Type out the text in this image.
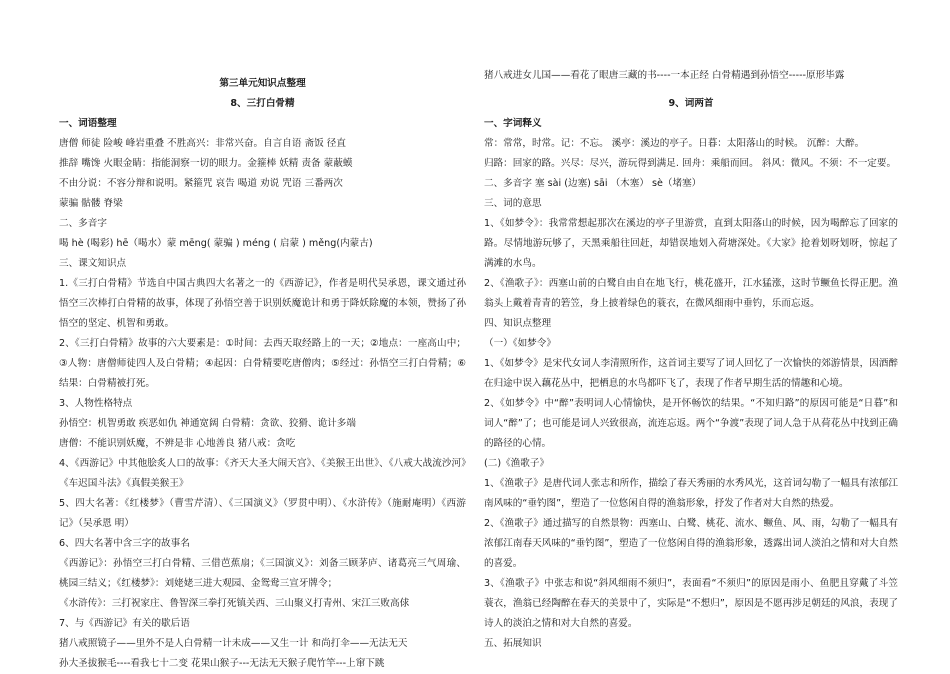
第三单元知识点整理
8、三打白骨精
一、词语整理
唐僧 师徒 险峻 峰岩重叠 不胜高兴：非常兴奋。自言自语 斋饭 径直
推辞 嘴馋 火眼金睛：指能洞察一切的眼力。金箍棒 妖精 责备 蒙蔽蟆
不由分说：不容分辩和说明。紧箍咒 哀告 喝道 劝说 咒语 三番两次
蒙骗 骷髅 脊梁
二、多音字
喝 hè (喝彩) hē（喝水）蒙 mēng( 蒙骗 ) méng ( 启蒙 ) měng(内蒙古)
三、课文知识点
1.《三打白骨精》节选自中国古典四大名著之一的《西游记》，作者是明代吴承恩，课文通过孙悟空三次棒打白骨精的故事，体现了孙悟空善于识别妖魔诡计和勇于降妖除魔的本领，赞扬了孙悟空的坚定、机智和勇敢。
2、《三打白骨精》故事的六大要素是：①时间：去西天取经路上的一天；②地点：一座高山中；③人物：唐僧师徒四人及白骨精；④起因：白骨精要吃唐僧肉；⑤经过：孙悟空三打白骨精；⑥结果：白骨精被打死。
3、人物性格特点
孙悟空：机智勇敢 疾恶如仇 神通宽阔 白骨精：贪欲、狡猾、诡计多端
唐僧：不能识别妖魔，不辨是非 心地善良 猪八戒：贪吃
4、《西游记》中其他脍炙人口的故事：《齐天大圣大闹天宫》、《美猴王出世》、《八戒大战流沙河》《车迟国斗法》《真假美猴王》
5、四大名著：《红楼梦》（曹雪芹清）、《三国演义》（罗贯中明）、《水浒传》（施耐庵明）《西游记》（吴承恩 明）
6、四大名著中含三字的故事名
《西游记》：孙悟空三打白骨精、三借芭蕉扇；《三国演义》：刘备三顾茅庐、诸葛亮三气周瑜、桃园三结义；《红楼梦》：刘姥姥三进大观园、金鸳鸯三宣牙牌令；
《水浒传》：三打祝家庄、鲁智深三拳打死镇关西、三山聚义打青州、宋江三败高俅
7、与《西游记》有关的歇后语
猪八戒照镜子——里外不是人白骨精一计未成——又生一计 和尚打伞——无法无天
孙大圣拔猴毛----看我七十二变 花果山猴子---无法无天猴子爬竹竿---上窜下跳
猪八戒进女儿国——看花了眼唐三藏的书----一本正经 白骨精遇到孙悟空-----原形毕露
9、词两首
一、字词释义
常：常常，时常。记：不忘。 溪亭：溪边的亭子。日暮：太阳落山的时候。 沉醉：大醉。
归路：回家的路。兴尽：尽兴，游玩得到满足. 回舟：乘船而回。 斜风：微风。不须：不一定要。
二、多音字 塞 sài (边塞) sāi （木塞） sè（堵塞）
三、词的意思
1、《如梦令》：我常常想起那次在溪边的亭子里游赏，直到太阳落山的时候，因为喝醉忘了回家的路。尽情地游玩够了，天黑乘船往回赶，却错误地划入荷塘深处。《大家》抢着划呀划呀，惊起了满滩的水鸟。
2、《渔歌子》：西塞山前的白鹭自由自在地飞行，桃花盛开，江水猛涨，这时节鳜鱼长得正肥。渔翁头上戴着青青的箬笠，身上披着绿色的蓑衣，在微风细雨中垂钓，乐而忘返。
四、知识点整理
（一）《如梦令》
1、《如梦令》是宋代女词人李清照所作，这首词主要写了词人回忆了一次愉快的郊游情景，因酒醉在归途中误入藕花丛中，把栖息的水鸟都吓飞了，表现了作者早期生活的情趣和心境。
2、《如梦令》中“醉”表明词人心情愉快，是开怀畅饮的结果。“不知归路”的原因可能是“日暮”和词人“醉”了；也可能是词人兴致很高，流连忘返。两个“争渡”表现了词人急于从荷花丛中找到正确的路径的心情。
(二)《渔歌子》
1、《渔歌子》是唐代词人张志和所作，描绘了春天秀丽的水秀风光，这首词勾勒了一幅具有浓郁江南风味的“垂钓图”，塑造了一位悠闲自得的渔翁形象，抒发了作者对大自然的热爱。
2、《渔歌子》通过描写的自然景物：西塞山、白鹭、桃花、流水、鳜鱼、风、雨，勾勒了一幅具有浓郁江南春天风味的“垂钓图”，塑造了一位悠闲自得的渔翁形象，透露出词人淡泊之情和对大自然的喜爱。
3、《渔歌子》中张志和说“斜风细雨不须归”，表面看“不须归”的原因是雨小、鱼肥且穿戴了斗笠蓑衣，渔翁已经陶醉在春天的美景中了，实际是“不想归”，原因是不愿再涉足朝廷的风浪，表现了诗人的淡泊之情和对大自然的喜爱。
五、拓展知识
